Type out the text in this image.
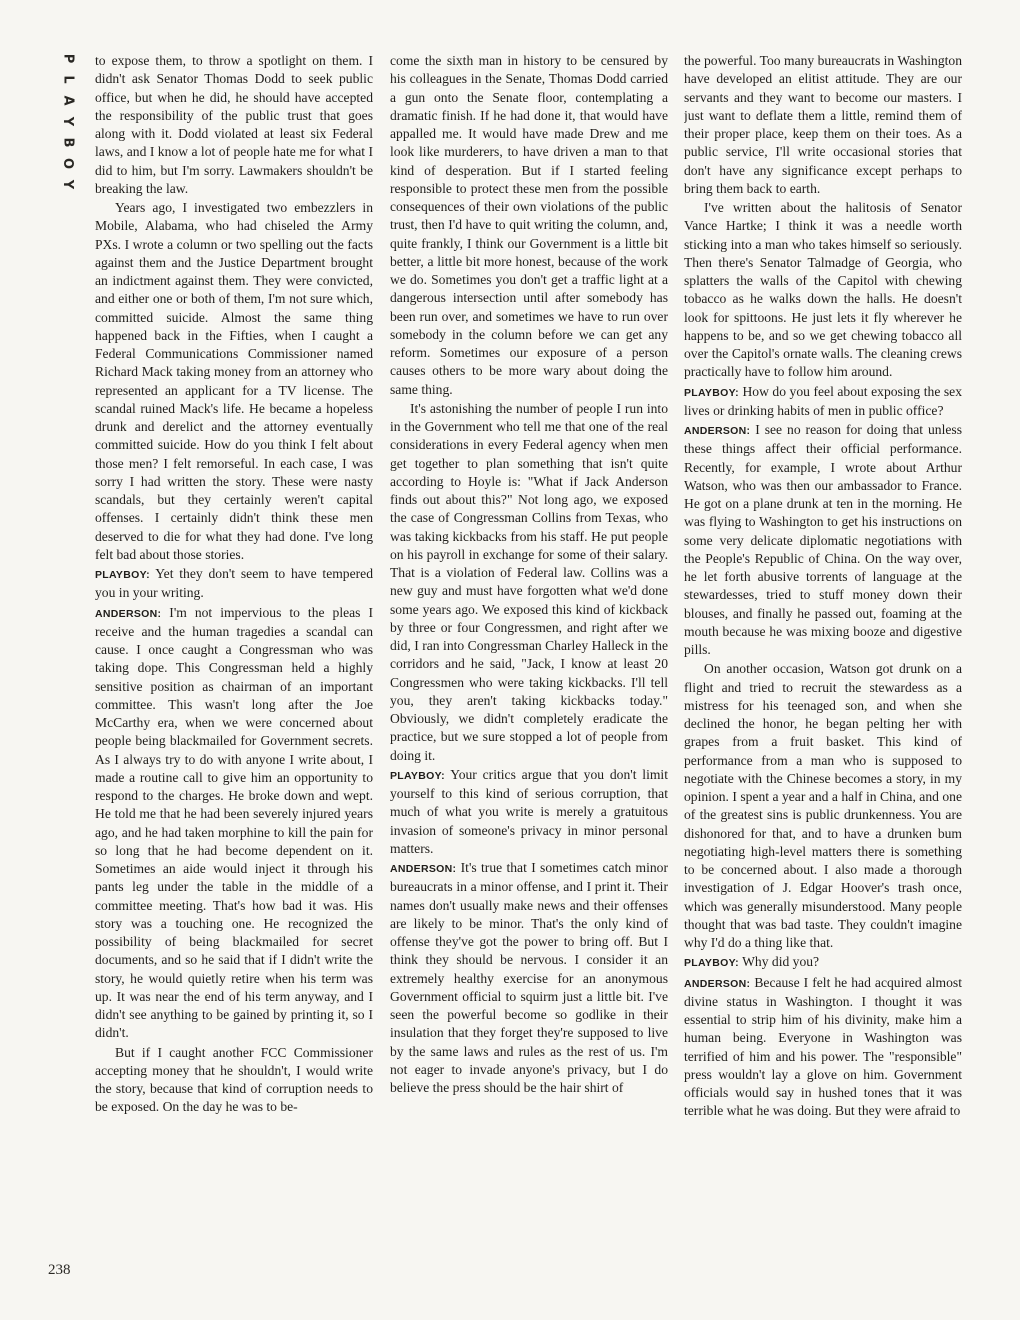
P
L
A
Y
B
O
Y
238

to expose them, to throw a spotlight on them. I didn't ask Senator Thomas Dodd to seek public office, but when he did, he should have accepted the responsibility of the public trust that goes along with it. Dodd violated at least six Federal laws, and I know a lot of people hate me for what I did to him, but I'm sorry. Lawmakers shouldn't be breaking the law.

Years ago, I investigated two embezzlers in Mobile, Alabama, who had chiseled the Army PXs. I wrote a column or two spelling out the facts against them and the Justice Department brought an indictment against them. They were convicted, and either one or both of them, I'm not sure which, committed suicide. Almost the same thing happened back in the Fifties, when I caught a Federal Communications Commissioner named Richard Mack taking money from an attorney who represented an applicant for a TV license. The scandal ruined Mack's life. He became a hopeless drunk and derelict and the attorney eventually committed suicide. How do you think I felt about those men? I felt remorseful. In each case, I was sorry I had written the story. These were nasty scandals, but they certainly weren't capital offenses. I certainly didn't think these men deserved to die for what they had done. I've long felt bad about those stories.

PLAYBOY: Yet they don't seem to have tempered you in your writing.

ANDERSON: I'm not impervious to the pleas I receive and the human tragedies a scandal can cause. I once caught a Congressman who was taking dope. This Congressman held a highly sensitive position as chairman of an important committee. This wasn't long after the Joe McCarthy era, when we were concerned about people being blackmailed for Government secrets. As I always try to do with anyone I write about, I made a routine call to give him an opportunity to respond to the charges. He broke down and wept. He told me that he had been severely injured years ago, and he had taken morphine to kill the pain for so long that he had become dependent on it. Sometimes an aide would inject it through his pants leg under the table in the middle of a committee meeting. That's how bad it was. His story was a touching one. He recognized the possibility of being blackmailed for secret documents, and so he said that if I didn't write the story, he would quietly retire when his term was up. It was near the end of his term anyway, and I didn't see anything to be gained by printing it, so I didn't.

But if I caught another FCC Commissioner accepting money that he shouldn't, I would write the story, because that kind of corruption needs to be exposed. On the day he was to be-

come the sixth man in history to be censured by his colleagues in the Senate, Thomas Dodd carried a gun onto the Senate floor, contemplating a dramatic finish. If he had done it, that would have appalled me. It would have made Drew and me look like murderers, to have driven a man to that kind of desperation. But if I started feeling responsible to protect these men from the possible consequences of their own violations of the public trust, then I'd have to quit writing the column, and, quite frankly, I think our Government is a little bit better, a little bit more honest, because of the work we do. Sometimes you don't get a traffic light at a dangerous intersection until after somebody has been run over, and sometimes we have to run over somebody in the column before we can get any reform. Sometimes our exposure of a person causes others to be more wary about doing the same thing.

It's astonishing the number of people I run into in the Government who tell me that one of the real considerations in every Federal agency when men get together to plan something that isn't quite according to Hoyle is: "What if Jack Anderson finds out about this?" Not long ago, we exposed the case of Congressman Collins from Texas, who was taking kickbacks from his staff. He put people on his payroll in exchange for some of their salary. That is a violation of Federal law. Collins was a new guy and must have forgotten what we'd done some years ago. We exposed this kind of kickback by three or four Congressmen, and right after we did, I ran into Congressman Charley Halleck in the corridors and he said, "Jack, I know at least 20 Congressmen who were taking kickbacks. I'll tell you, they aren't taking kickbacks today." Obviously, we didn't completely eradicate the practice, but we sure stopped a lot of people from doing it.

PLAYBOY: Your critics argue that you don't limit yourself to this kind of serious corruption, that much of what you write is merely a gratuitous invasion of someone's privacy in minor personal matters.

ANDERSON: It's true that I sometimes catch minor bureaucrats in a minor offense, and I print it. Their names don't usually make news and their offenses are likely to be minor. That's the only kind of offense they've got the power to bring off. But I think they should be nervous. I consider it an extremely healthy exercise for an anonymous Government official to squirm just a little bit. I've seen the powerful become so godlike in their insulation that they forget they're supposed to live by the same laws and rules as the rest of us. I'm not eager to invade anyone's privacy, but I do believe the press should be the hair shirt of

the powerful. Too many bureaucrats in Washington have developed an elitist attitude. They are our servants and they want to become our masters. I just want to deflate them a little, remind them of their proper place, keep them on their toes. As a public service, I'll write occasional stories that don't have any significance except perhaps to bring them back to earth.

I've written about the halitosis of Senator Vance Hartke; I think it was a needle worth sticking into a man who takes himself so seriously. Then there's Senator Talmadge of Georgia, who splatters the walls of the Capitol with chewing tobacco as he walks down the halls. He doesn't look for spittoons. He just lets it fly wherever he happens to be, and so we get chewing tobacco all over the Capitol's ornate walls. The cleaning crews practically have to follow him around.

PLAYBOY: How do you feel about exposing the sex lives or drinking habits of men in public office?

ANDERSON: I see no reason for doing that unless these things affect their official performance. Recently, for example, I wrote about Arthur Watson, who was then our ambassador to France. He got on a plane drunk at ten in the morning. He was flying to Washington to get his instructions on some very delicate diplomatic negotiations with the People's Republic of China. On the way over, he let forth abusive torrents of language at the stewardesses, tried to stuff money down their blouses, and finally he passed out, foaming at the mouth because he was mixing booze and digestive pills.

On another occasion, Watson got drunk on a flight and tried to recruit the stewardess as a mistress for his teenaged son, and when she declined the honor, he began pelting her with grapes from a fruit basket. This kind of performance from a man who is supposed to negotiate with the Chinese becomes a story, in my opinion. I spent a year and a half in China, and one of the greatest sins is public drunkenness. You are dishonored for that, and to have a drunken bum negotiating high-level matters there is something to be concerned about. I also made a thorough investigation of J. Edgar Hoover's trash once, which was generally misunderstood. Many people thought that was bad taste. They couldn't imagine why I'd do a thing like that.

PLAYBOY: Why did you?

ANDERSON: Because I felt he had acquired almost divine status in Washington. I thought it was essential to strip him of his divinity, make him a human being. Everyone in Washington was terrified of him and his power. The "responsible" press wouldn't lay a glove on him. Government officials would say in hushed tones that it was terrible what he was doing. But they were afraid to
